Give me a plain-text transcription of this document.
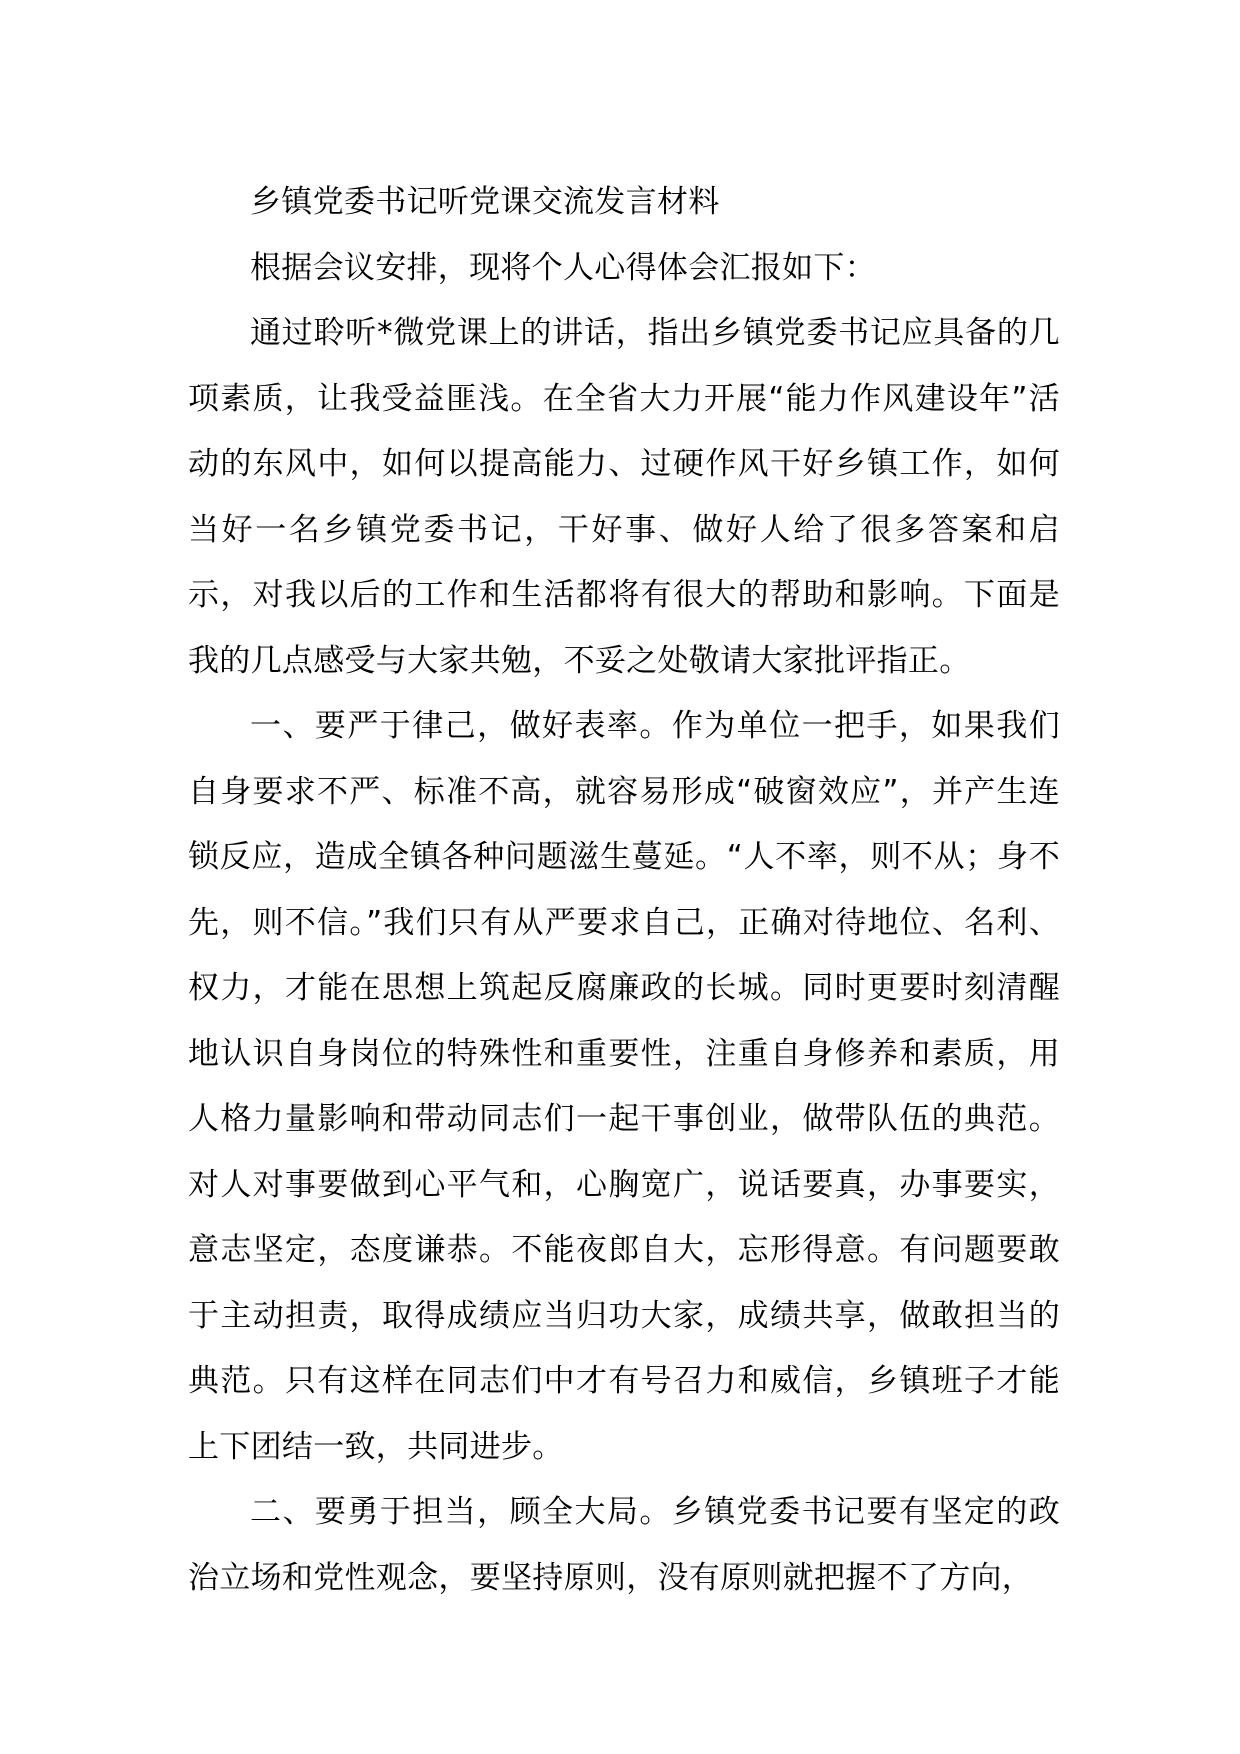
乡镇党委书记听党课交流发言材料

根据会议安排，现将个人心得体会汇报如下：

通过聆听*微党课上的讲话，指出乡镇党委书记应具备的几项素质，让我受益匪浅。在全省大力开展“能力作风建设年”活动的东风中，如何以提高能力、过硬作风干好乡镇工作，如何当好一名乡镇党委书记，干好事、做好人给了很多答案和启示，对我以后的工作和生活都将有很大的帮助和影响。下面是我的几点感受与大家共勉，不妥之处敬请大家批评指正。

一、要严于律己，做好表率。作为单位一把手，如果我们自身要求不严、标准不高，就容易形成“破窗效应”，并产生连锁反应，造成全镇各种问题滋生蔓延。“人不率，则不从；身不先，则不信。”我们只有从严要求自己，正确对待地位、名利、权力，才能在思想上筑起反腐廉政的长城。同时更要时刻清醒地认识自身岗位的特殊性和重要性，注重自身修养和素质，用人格力量影响和带动同志们一起干事创业，做带队伍的典范。对人对事要做到心平气和，心胸宽广，说话要真，办事要实，意志坚定，态度谦恭。不能夜郎自大，忘形得意。有问题要敢于主动担责，取得成绩应当归功大家，成绩共享，做敢担当的典范。只有这样在同志们中才有号召力和威信，乡镇班子才能上下团结一致，共同进步。

二、要勇于担当，顾全大局。乡镇党委书记要有坚定的政治立场和党性观念，要坚持原则，没有原则就把握不了方向，
